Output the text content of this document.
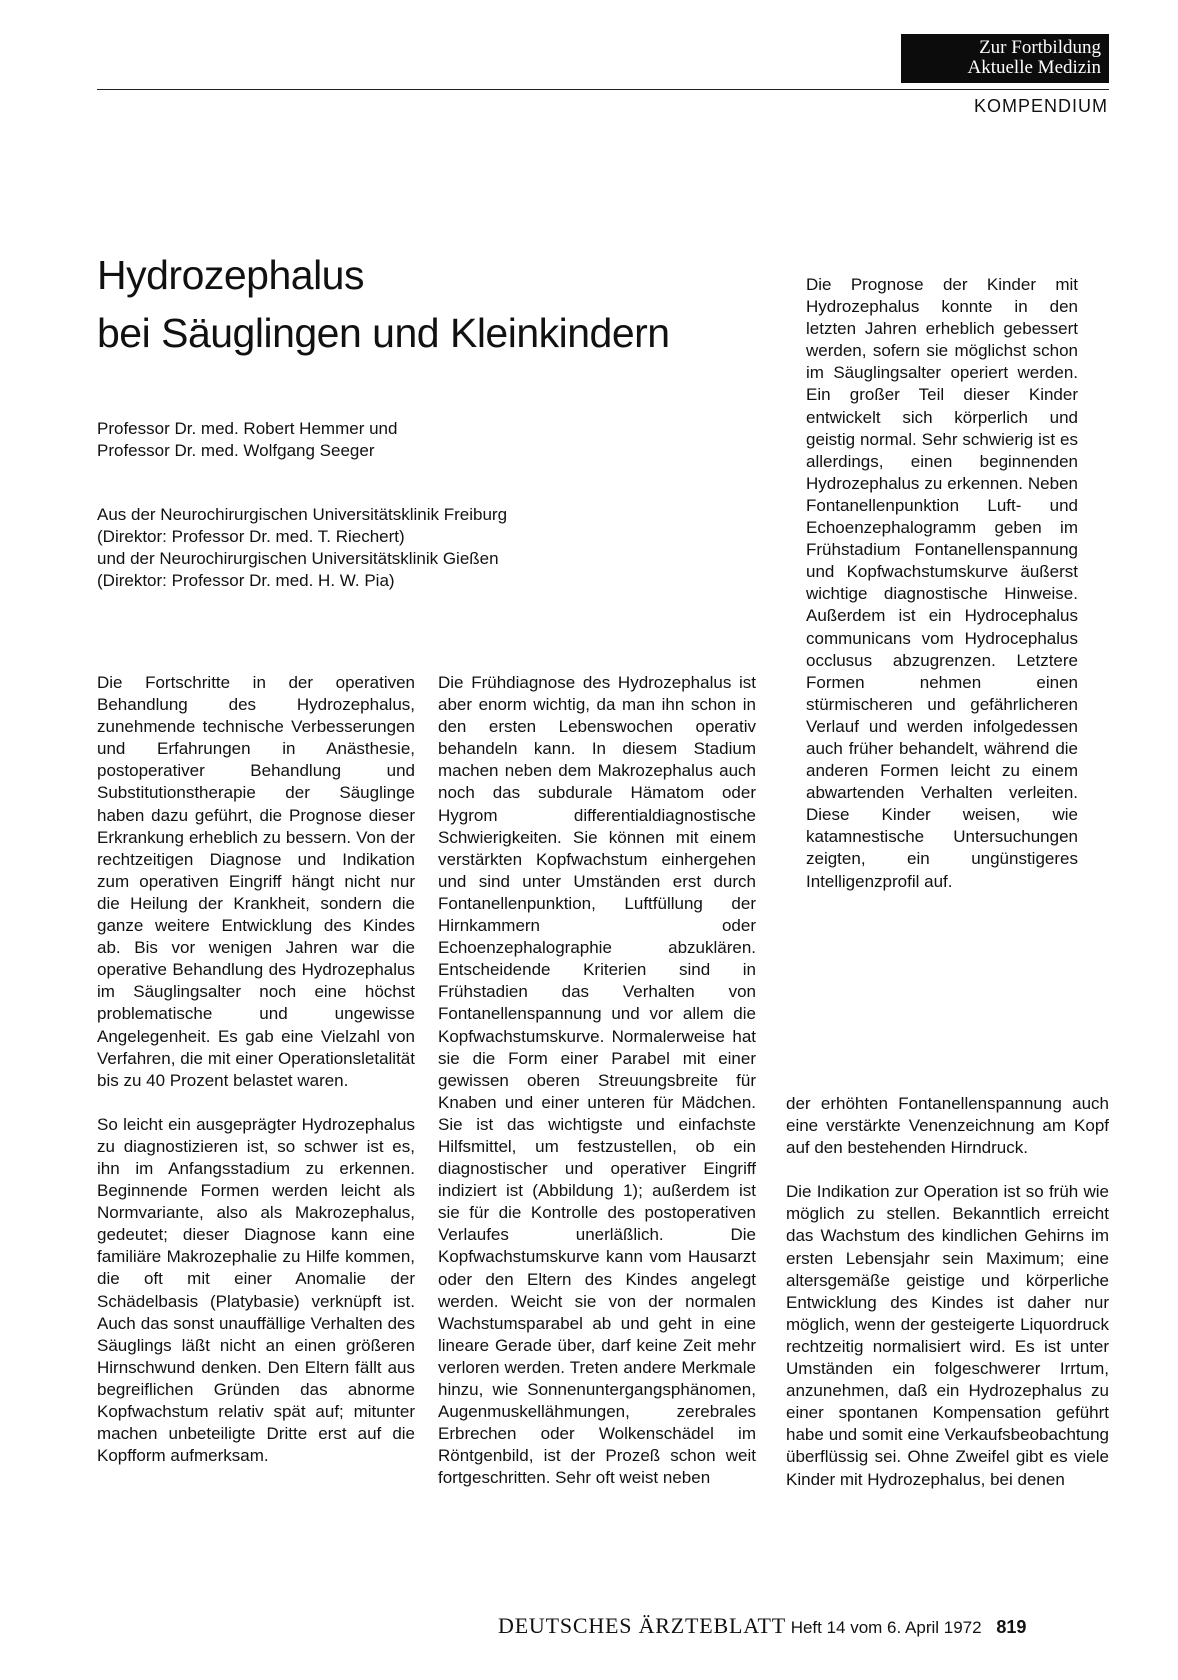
Zur Fortbildung
Aktuelle Medizin
KOMPENDIUM
Hydrozephalus
bei Säuglingen und Kleinkindern
Professor Dr. med. Robert Hemmer und
Professor Dr. med. Wolfgang Seeger
Aus der Neurochirurgischen Universitätsklinik Freiburg
(Direktor: Professor Dr. med. T. Riechert)
und der Neurochirurgischen Universitätsklinik Gießen
(Direktor: Professor Dr. med. H. W. Pia)

Die Fortschritte in der operativen Behandlung des Hydrozephalus, zunehmende technische Verbesserungen und Erfahrungen in Anästhesie, postoperativer Behandlung und Substitutionstherapie der Säuglinge haben dazu geführt, die Prognose dieser Erkrankung erheblich zu bessern. Von der rechtzeitigen Diagnose und Indikation zum operativen Eingriff hängt nicht nur die Heilung der Krankheit, sondern die ganze weitere Entwicklung des Kindes ab. Bis vor wenigen Jahren war die operative Behandlung des Hydrozephalus im Säuglingsalter noch eine höchst problematische und ungewisse Angelegenheit. Es gab eine Vielzahl von Verfahren, die mit einer Operationsletalität bis zu 40 Prozent belastet waren.

So leicht ein ausgeprägter Hydrozephalus zu diagnostizieren ist, so schwer ist es, ihn im Anfangsstadium zu erkennen. Beginnende Formen werden leicht als Normvariante, also als Makrozephalus, gedeutet; dieser Diagnose kann eine familiäre Makrozephalie zu Hilfe kommen, die oft mit einer Anomalie der Schädelbasis (Platybasie) verknüpft ist. Auch das sonst unauffällige Verhalten des Säuglings läßt nicht an einen größeren Hirnschwund denken. Den Eltern fällt aus begreiflichen Gründen das abnorme Kopfwachstum relativ spät auf; mitunter machen unbeteiligte Dritte erst auf die Kopfform aufmerksam.

Die Frühdiagnose des Hydrozephalus ist aber enorm wichtig, da man ihn schon in den ersten Lebenswochen operativ behandeln kann. In diesem Stadium machen neben dem Makrozephalus auch noch das subdurale Hämatom oder Hygrom differentialdiagnostische Schwierigkeiten. Sie können mit einem verstärkten Kopfwachstum einhergehen und sind unter Umständen erst durch Fontanellenpunktion, Luftfüllung der Hirnkammern oder Echoenzephalographie abzuklären. Entscheidende Kriterien sind in Frühstadien das Verhalten von Fontanellenspannung und vor allem die Kopfwachstumskurve. Normalerweise hat sie die Form einer Parabel mit einer gewissen oberen Streuungsbreite für Knaben und einer unteren für Mädchen. Sie ist das wichtigste und einfachste Hilfsmittel, um festzustellen, ob ein diagnostischer und operativer Eingriff indiziert ist (Abbildung 1); außerdem ist sie für die Kontrolle des postoperativen Verlaufes unerläßlich. Die Kopfwachstumskurve kann vom Hausarzt oder den Eltern des Kindes angelegt werden. Weicht sie von der normalen Wachstumsparabel ab und geht in eine lineare Gerade über, darf keine Zeit mehr verloren werden. Treten andere Merkmale hinzu, wie Sonnenuntergangsphänomen, Augenmuskellähmungen, zerebrales Erbrechen oder Wolkenschädel im Röntgenbild, ist der Prozeß schon weit fortgeschritten. Sehr oft weist neben

Die Prognose der Kinder mit Hydrozephalus konnte in den letzten Jahren erheblich gebessert werden, sofern sie möglichst schon im Säuglingsalter operiert werden. Ein großer Teil dieser Kinder entwickelt sich körperlich und geistig normal. Sehr schwierig ist es allerdings, einen beginnenden Hydrozephalus zu erkennen. Neben Fontanellenpunktion Luft- und Echoenzephalogramm geben im Frühstadium Fontanellenspannung und Kopfwachstumskurve äußerst wichtige diagnostische Hinweise. Außerdem ist ein Hydrocephalus communicans vom Hydrocephalus occlusus abzugrenzen. Letztere Formen nehmen einen stürmischeren und gefährlicheren Verlauf und werden infolgedessen auch früher behandelt, während die anderen Formen leicht zu einem abwartenden Verhalten verleiten. Diese Kinder weisen, wie katamnestische Untersuchungen zeigten, ein ungünstigeres Intelligenzprofil auf.

der erhöhten Fontanellenspannung auch eine verstärkte Venenzeichnung am Kopf auf den bestehenden Hirndruck.

Die Indikation zur Operation ist so früh wie möglich zu stellen. Bekanntlich erreicht das Wachstum des kindlichen Gehirns im ersten Lebensjahr sein Maximum; eine altersgemäße geistige und körperliche Entwicklung des Kindes ist daher nur möglich, wenn der gesteigerte Liquordruck rechtzeitig normalisiert wird. Es ist unter Umständen ein folgeschwerer Irrtum, anzunehmen, daß ein Hydrozephalus zu einer spontanen Kompensation geführt habe und somit eine Verkaufsbeobachtung überflüssig sei. Ohne Zweifel gibt es viele Kinder mit Hydrozephalus, bei denen

DEUTSCHES ÄRZTEBLATT Heft 14 vom 6. April 1972 819
